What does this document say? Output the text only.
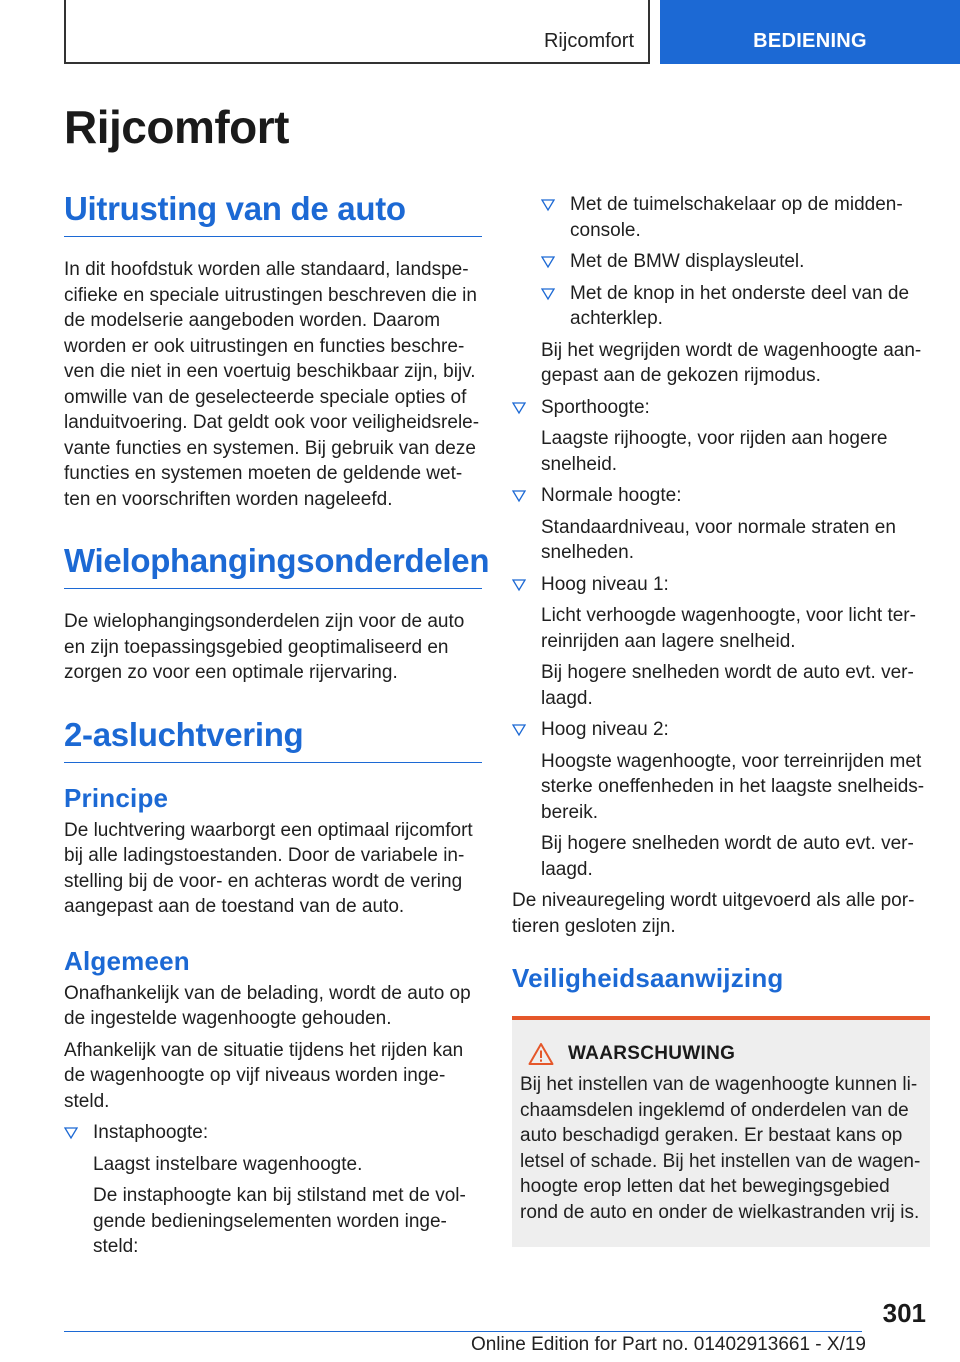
Rijcomfort	BEDIENING
Rijcomfort
Uitrusting van de auto

In dit hoofdstuk worden alle standaard, landspe-cifieke en speciale uitrustingen beschreven die in de modelserie aangeboden worden. Daarom worden er ook uitrustingen en functies beschre-ven die niet in een voertuig beschikbaar zijn, bijv. omwille van de geselecteerde speciale opties of landuitvoering. Dat geldt ook voor veiligheidsrele-vante functies en systemen. Bij gebruik van deze functies en systemen moeten de geldende wet-ten en voorschriften worden nageleefd.

Wielophangingsonderdelen

De wielophangingsonderdelen zijn voor de auto en zijn toepassingsgebied geoptimaliseerd en zorgen zo voor een optimale rijervaring.

2-asluchtvering
Principe

De luchtvering waarborgt een optimaal rijcomfort bij alle ladingstoestanden. Door de variabele in-stelling bij de voor- en achteras wordt de vering aangepast aan de toestand van de auto.

Algemeen

Onafhankelijk van de belading, wordt de auto op de ingestelde wagenhoogte gehouden.

Afhankelijk van de situatie tijdens het rijden kan de wagenhoogte op vijf niveaus worden inge-steld.

Instaphoogte:
Laagst instelbare wagenhoogte.
De instaphoogte kan bij stilstand met de vol-gende bedieningselementen worden inge-steld:
Met de tuimelschakelaar op de midden-console.
Met de BMW displaysleutel.
Met de knop in het onderste deel van de achterklep.
Bij het wegrijden wordt de wagenhoogte aan-gepast aan de gekozen rijmodus.
Sporthoogte:
Laagste rijhoogte, voor rijden aan hogere snelheid.
Normale hoogte:
Standaardniveau, voor normale straten en snelheden.
Hoog niveau 1:
Licht verhoogde wagenhoogte, voor licht ter-reinrijden aan lagere snelheid.
Bij hogere snelheden wordt de auto evt. ver-laagd.
Hoog niveau 2:
Hoogste wagenhoogte, voor terreinrijden met sterke oneffenheden in het laagste snelheids-bereik.
Bij hogere snelheden wordt de auto evt. ver-laagd.

De niveauregeling wordt uitgevoerd als alle por-tieren gesloten zijn.

Veiligheidsaanwijzing
WAARSCHUWING

Bij het instellen van de wagenhoogte kunnen li-chaamsdelen ingeklemd of onderdelen van de auto beschadigd geraken. Er bestaat kans op letsel of schade. Bij het instellen van de wagen-hoogte erop letten dat het bewegingsgebied rond de auto en onder de wielkastranden vrij is.

301
Online Edition for Part no. 01402913661 - X/19
